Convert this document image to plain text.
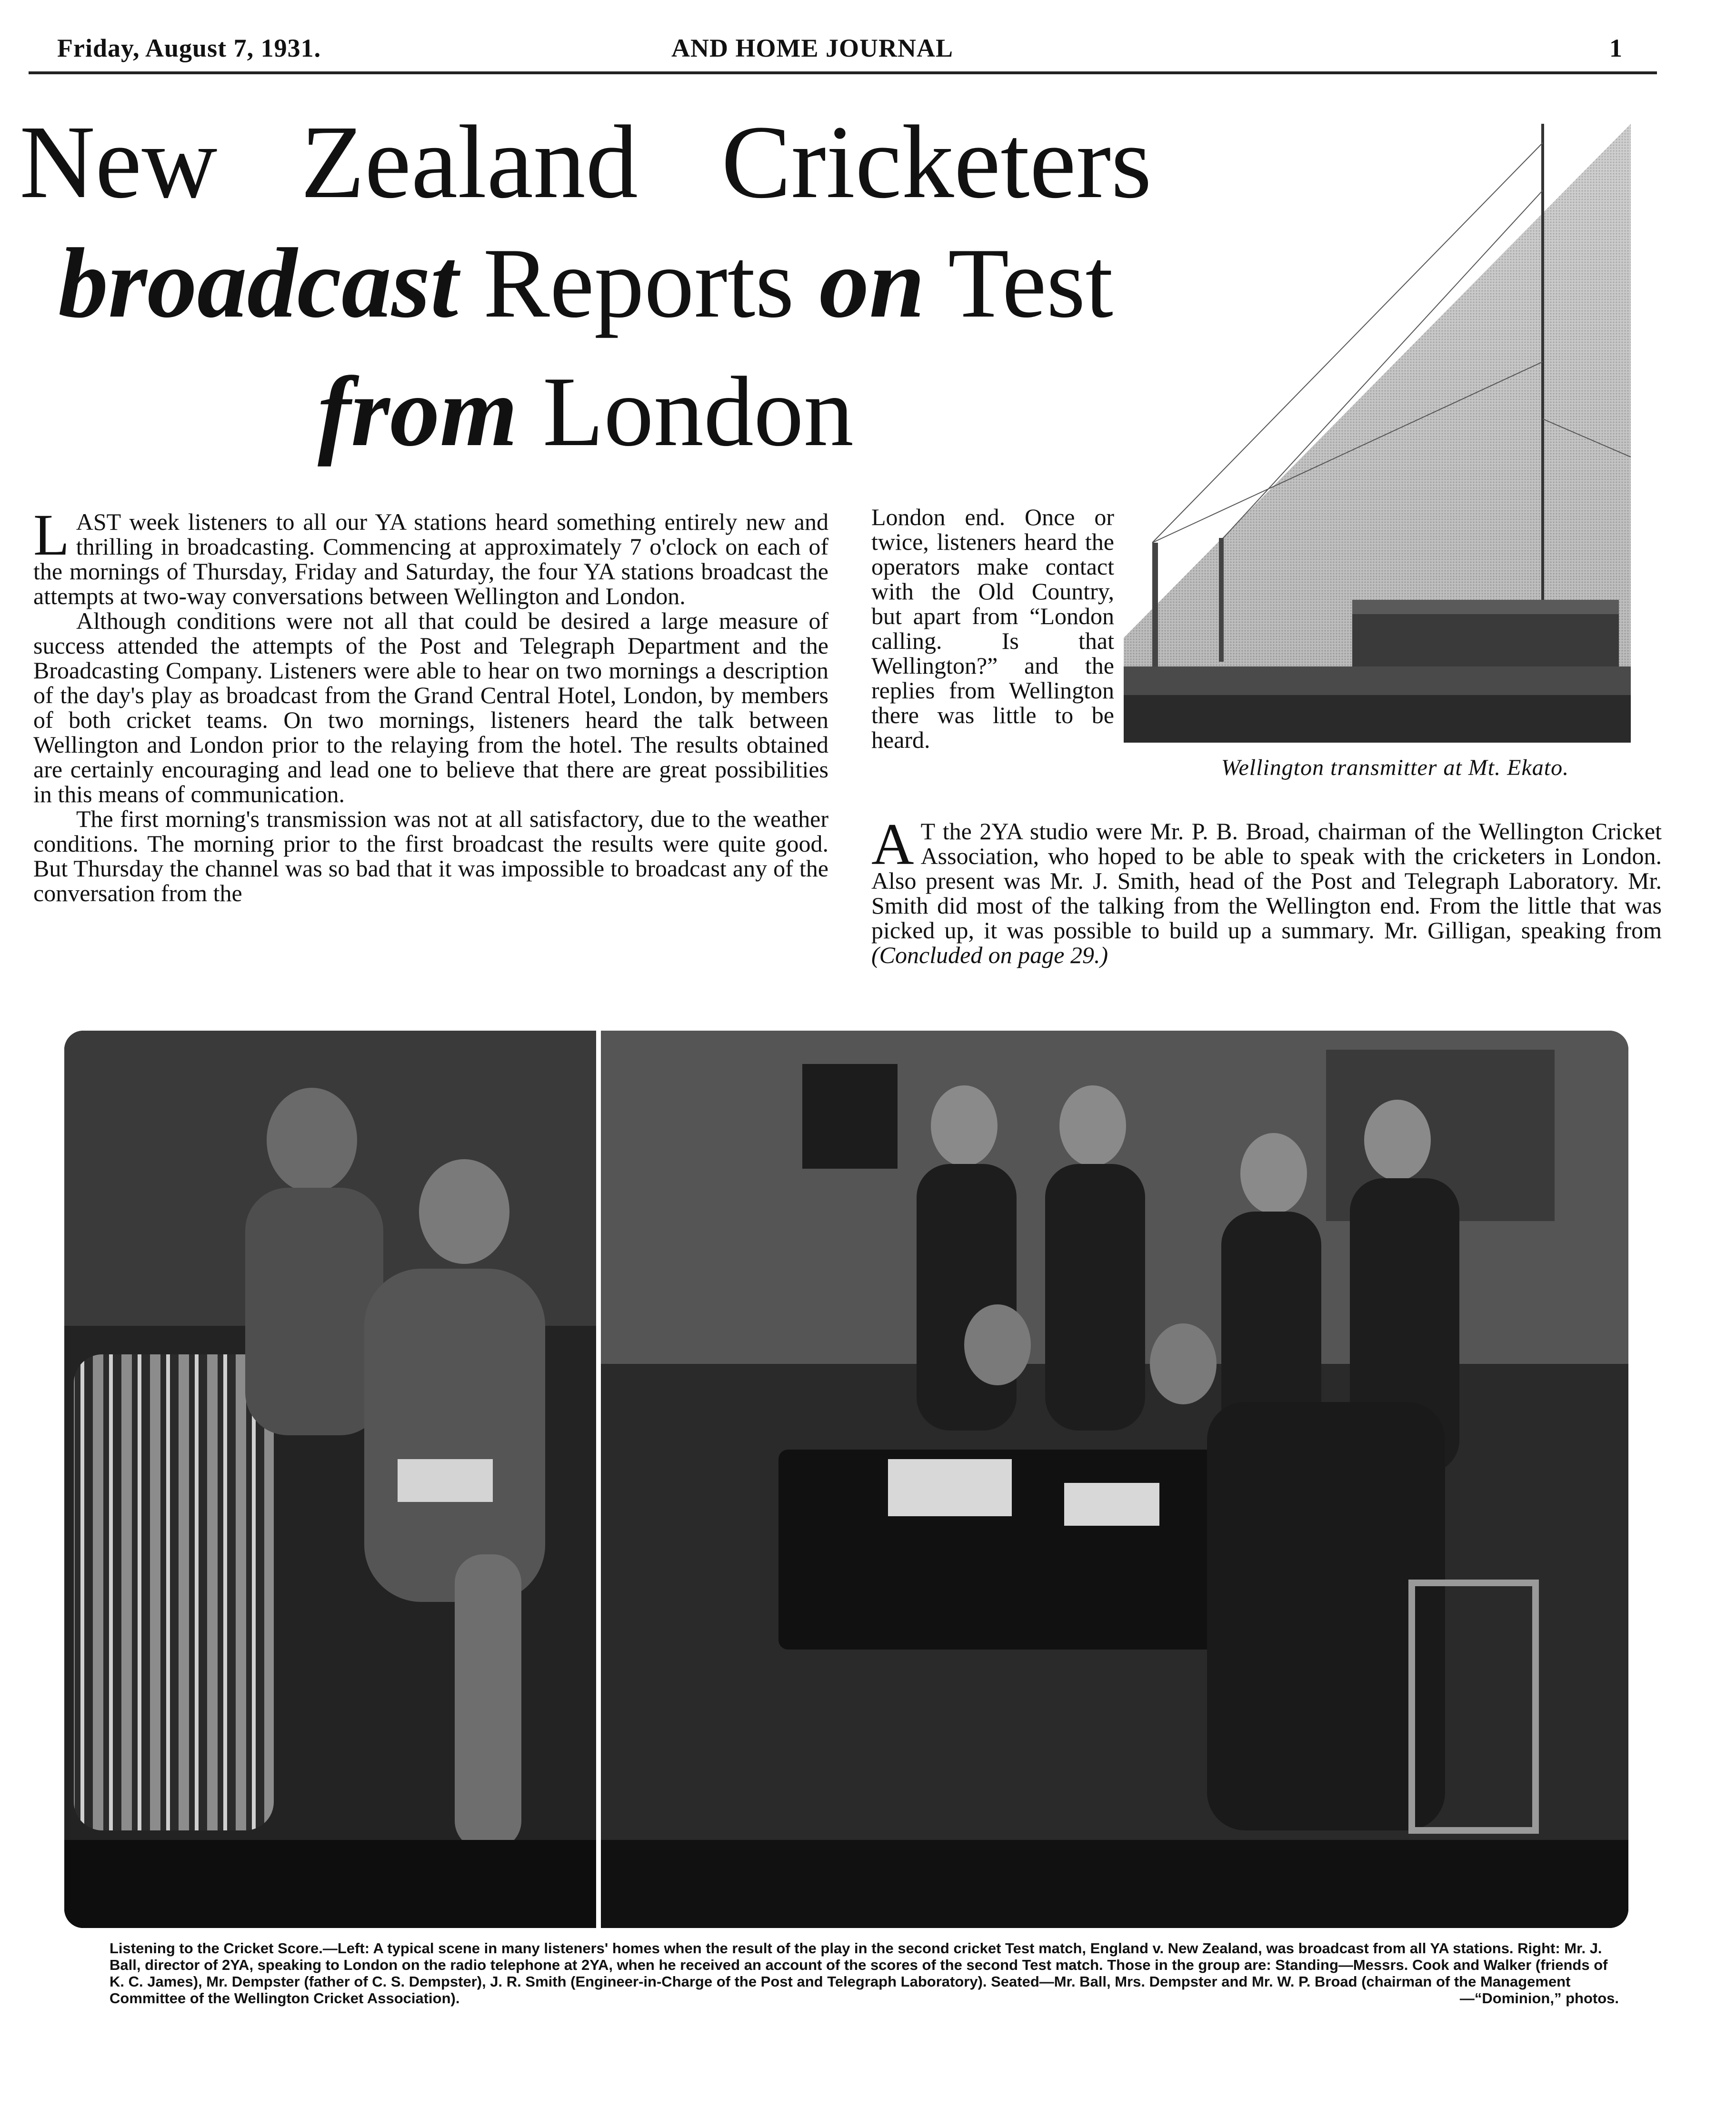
Friday, August 7, 1931.	AND HOME JOURNAL	1
New Zealand Cricketers
broadcast Reports on Test
from London
Wellington transmitter at Mt. Ekato.

LAST week listeners to all our YA stations heard something entirely new and thrilling in broadcasting. Commencing at approximately 7 o'clock on each of the mornings of Thursday, Friday and Saturday, the four YA stations broadcast the attempts at two-way conversations between Wellington and London.

Although conditions were not all that could be desired a large measure of success attended the attempts of the Post and Telegraph Department and the Broadcasting Company. Listeners were able to hear on two mornings a description of the day's play as broadcast from the Grand Central Hotel, London, by members of both cricket teams. On two mornings, listeners heard the talk between Wellington and London prior to the relaying from the hotel. The results obtained are certainly encouraging and lead one to believe that there are great possibilities in this means of communication.

The first morning's transmission was not at all satisfactory, due to the weather conditions. The morning prior to the first broadcast the results were quite good. But Thursday the channel was so bad that it was impossible to broadcast any of the conversation from the

London end. Once or twice, listeners heard the operators make contact with the Old Country, but apart from “London calling. Is that Wellington?” and the replies from Wellington there was little to be heard.

A T the 2YA studio were Mr. P. B. Broad, chairman of the Wellington Cricket Association, who hoped to be able to speak with the cricketers in London. Also present was Mr. J. Smith, head of the Post and Telegraph Laboratory. Mr. Smith did most of the talking from the Wellington end. From the little that was picked up, it was possible to build up a summary. Mr. Gilligan, speaking from (Concluded on page 29.)

Listening to the Cricket Score.—Left: A typical scene in many listeners' homes when the result of the play in the second cricket Test match, England v. New Zealand, was broadcast from all YA stations. Right: Mr. J. Ball, director of 2YA, speaking to London on the radio telephone at 2YA, when he received an account of the scores of the second Test match. Those in the group are: Standing—Messrs. Cook and Walker (friends of K. C. James), Mr. Dempster (father of C. S. Dempster), J. R. Smith (Engineer-in-Charge of the Post and Telegraph Laboratory). Seated—Mr. Ball, Mrs. Dempster and Mr. W. P. Broad (chairman of the Management Committee of the Wellington Cricket Association).	—“Dominion,” photos.
